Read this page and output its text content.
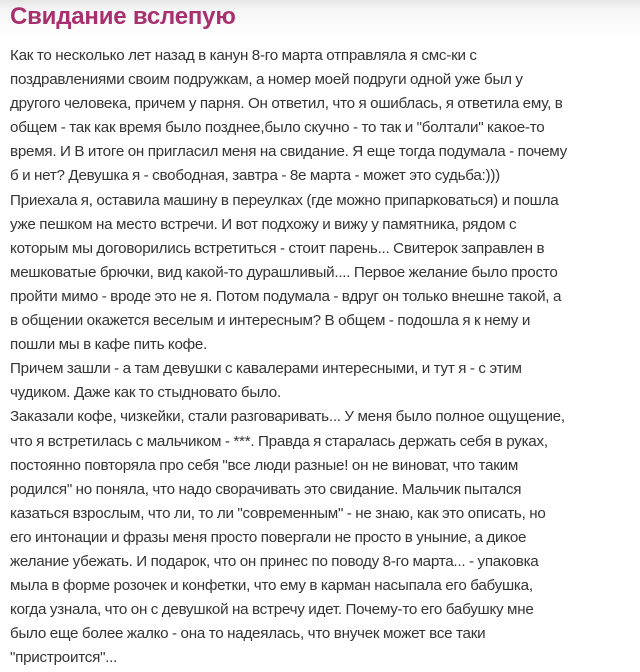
Свидание вслепую
Как то несколько лет назад в канун 8-го марта отправляла я смс-ки с
поздравлениями своим подружкам, а номер моей подруги одной уже был у
другого человека, причем у парня. Он ответил, что я ошиблась, я ответила ему, в
общем - так как время было позднее,было скучно - то так и "болтали" какое-то
время. И В итоге он пригласил меня на свидание. Я еще тогда подумала - почему
б и нет? Девушка я - свободная, завтра - 8е марта - может это судьба:)))
Приехала я, оставила машину в переулках (где можно припарковаться) и пошла
уже пешком на место встречи. И вот подхожу и вижу у памятника, рядом с
которым мы договорились встретиться - стоит парень... Свитерок заправлен в
мешковатые брючки, вид какой-то дурашливый.... Первое желание было просто
пройти мимо - вроде это не я. Потом подумала - вдруг он только внешне такой, а
в общении окажется веселым и интересным? В общем - подошла я к нему и
пошли мы в кафе пить кофе.
Причем зашли - а там девушки с кавалерами интересными, и тут я - с этим
чудиком. Даже как то стыдновато было.
Заказали кофе, чизкейки, стали разговаривать... У меня было полное ощущение,
что я встретилась с мальчиком - ***. Правда я старалась держать себя в руках,
постоянно повторяла про себя "все люди разные! он не виноват, что таким
родился" но поняла, что надо сворачивать это свидание. Мальчик пытался
казаться взрослым, что ли, то ли "современным" - не знаю, как это описать, но
его интонации и фразы меня просто повергали не просто в уныние, а дикое
желание убежать. И подарок, что он принес по поводу 8-го марта... - упаковка
мыла в форме розочек и конфетки, что ему в карман насыпала его бабушка,
когда узнала, что он с девушкой на встречу идет. Почему-то его бабушку мне
было еще более жалко - она то надеялась, что внучек может все таки
"пристроится"...
